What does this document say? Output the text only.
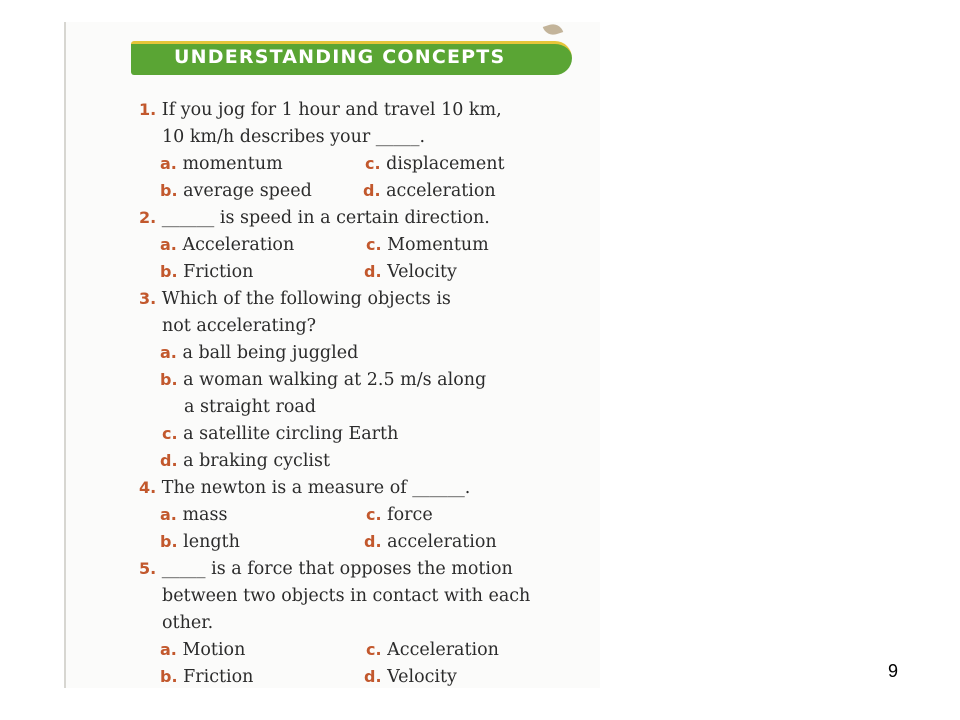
UNDERSTANDING CONCEPTS
1. If you jog for 1 hour and travel 10 km,
10 km/h describes your _____.
a. momentum	c. displacement
b. average speed	d. acceleration
2. ______ is speed in a certain direction.
a. Acceleration	c. Momentum
b. Friction	d. Velocity
3. Which of the following objects is
not accelerating?
a. a ball being juggled
b. a woman walking at 2.5 m/s along
a straight road
c. a satellite circling Earth
d. a braking cyclist
4. The newton is a measure of ______.
a. mass	c. force
b. length	d. acceleration
5. _____ is a force that opposes the motion
between two objects in contact with each
other.
a. Motion	c. Acceleration
b. Friction	d. Velocity	9
